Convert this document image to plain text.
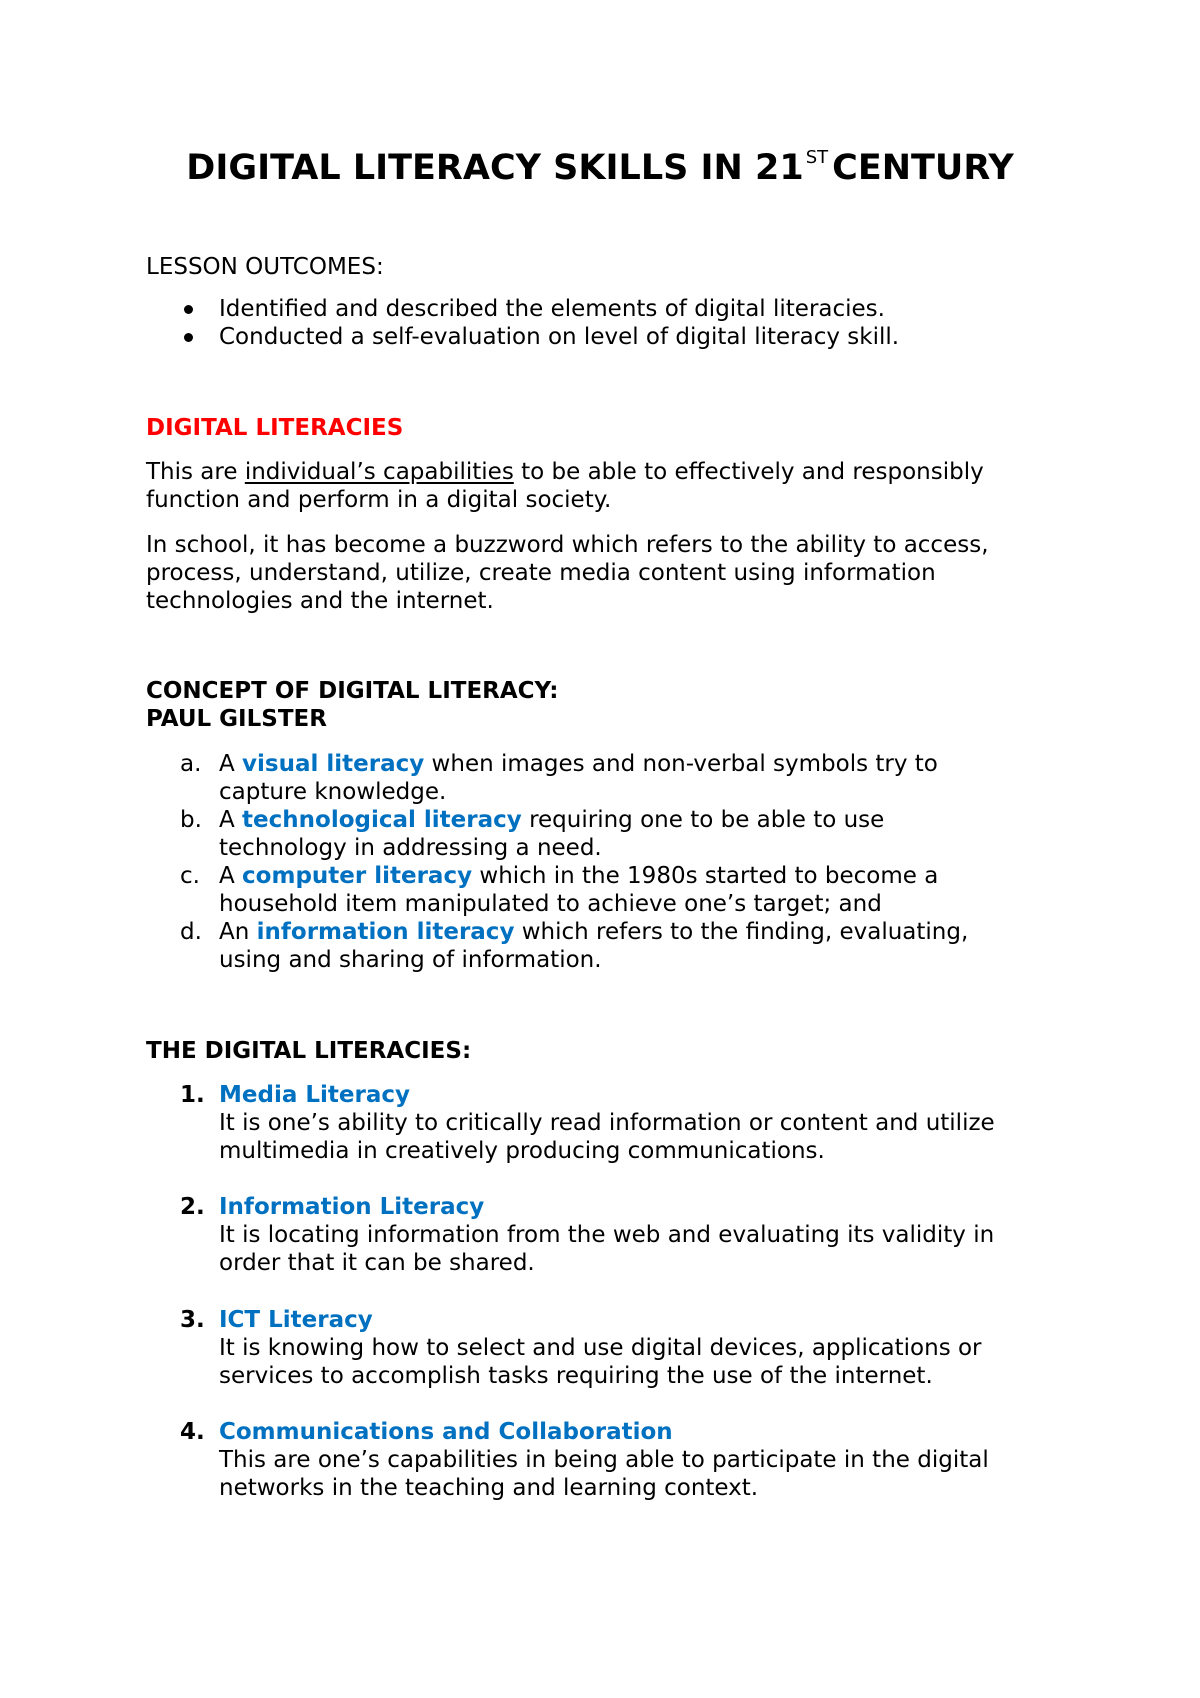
DIGITAL LITERACY SKILLS IN 21 $^{ST}$ CENTURY
LESSON OUTCOMES:
Identified and described the elements of digital literacies.
Conducted a self-evaluation on level of digital literacy skill.
DIGITAL LITERACIES
This are individual’s capabilities to be able to effectively and responsibly
function and perform in a digital society.
In school, it has become a buzzword which refers to the ability to access,
process, understand, utilize, create media content using information
technologies and the internet.
CONCEPT OF DIGITAL LITERACY:
PAUL GILSTER
a. A visual literacy when images and non-verbal symbols try to
capture knowledge.
b. A technological literacy requiring one to be able to use
technology in addressing a need.
c. A computer literacy which in the 1980s started to become a
household item manipulated to achieve one’s target; and
d. An information literacy which refers to the finding, evaluating,
using and sharing of information.
THE DIGITAL LITERACIES:
1. Media Literacy
It is one’s ability to critically read information or content and utilize
multimedia in creatively producing communications.
2. Information Literacy
It is locating information from the web and evaluating its validity in
order that it can be shared.
3. ICT Literacy
It is knowing how to select and use digital devices, applications or
services to accomplish tasks requiring the use of the internet.
4. Communications and Collaboration
This are one’s capabilities in being able to participate in the digital
networks in the teaching and learning context.
